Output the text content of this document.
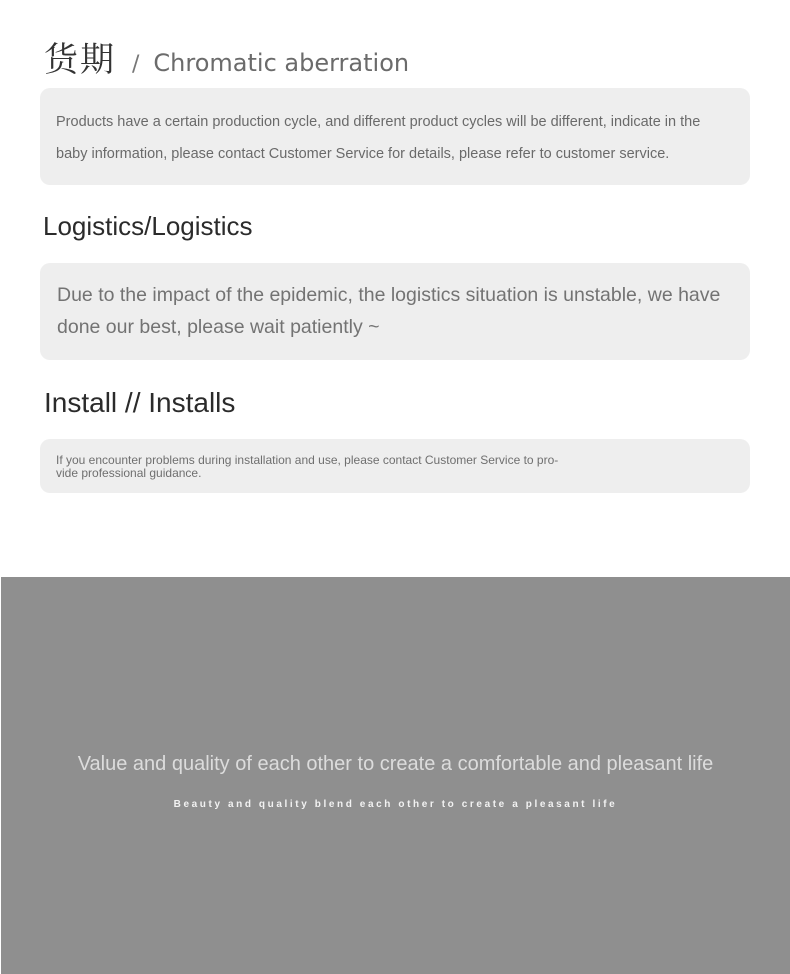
货期 / Chromatic aberration

Products have a certain production cycle, and different product cycles will be different, indicate in the baby information, please contact Customer Service for details, please refer to customer service.

Logistics/Logistics

Due to the impact of the epidemic, the logistics situation is unstable, we have done our best, please wait patiently ~

Install // Installs

If you encounter problems during installation and use, please contact Customer Service to pro-vide professional guidance.

Value and quality of each other to create a comfortable and pleasant life
Beauty and quality blend each other to create a pleasant life
